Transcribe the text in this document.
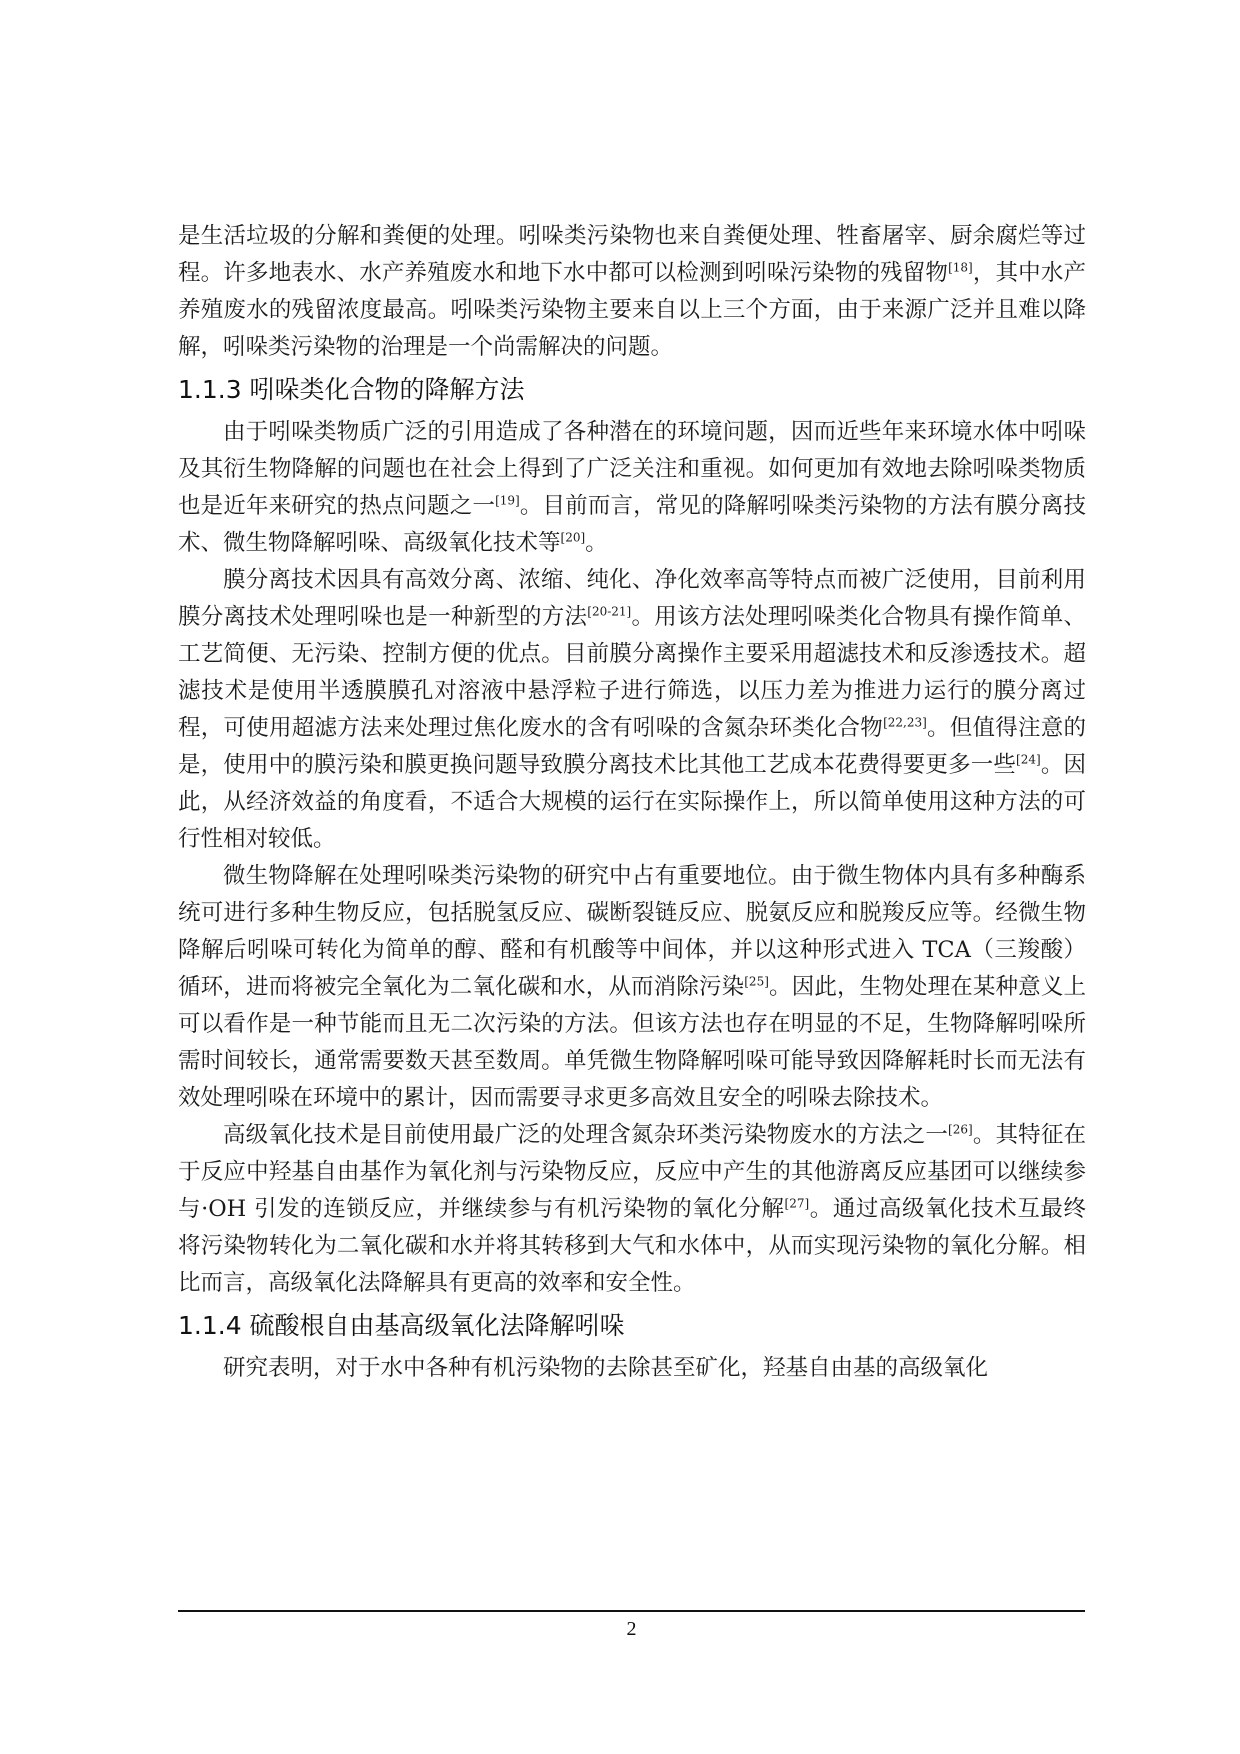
是生活垃圾的分解和粪便的处理。吲哚类污染物也来自粪便处理、牲畜屠宰、厨余腐烂等过程。许多地表水、水产养殖废水和地下水中都可以检测到吲哚污染物的残留物[18]，其中水产养殖废水的残留浓度最高。吲哚类污染物主要来自以上三个方面，由于来源广泛并且难以降解，吲哚类污染物的治理是一个尚需解决的问题。

1.1.3 吲哚类化合物的降解方法

由于吲哚类物质广泛的引用造成了各种潜在的环境问题，因而近些年来环境水体中吲哚及其衍生物降解的问题也在社会上得到了广泛关注和重视。如何更加有效地去除吲哚类物质也是近年来研究的热点问题之一[19]。目前而言，常见的降解吲哚类污染物的方法有膜分离技术、微生物降解吲哚、高级氧化技术等[20]。

膜分离技术因具有高效分离、浓缩、纯化、净化效率高等特点而被广泛使用，目前利用膜分离技术处理吲哚也是一种新型的方法[20-21]。用该方法处理吲哚类化合物具有操作简单、工艺简便、无污染、控制方便的优点。目前膜分离操作主要采用超滤技术和反渗透技术。超滤技术是使用半透膜膜孔对溶液中悬浮粒子进行筛选，以压力差为推进力运行的膜分离过程，可使用超滤方法来处理过焦化废水的含有吲哚的含氮杂环类化合物[22,23]。但值得注意的是，使用中的膜污染和膜更换问题导致膜分离技术比其他工艺成本花费得要更多一些[24]。因此，从经济效益的角度看，不适合大规模的运行在实际操作上，所以简单使用这种方法的可行性相对较低。

微生物降解在处理吲哚类污染物的研究中占有重要地位。由于微生物体内具有多种酶系统可进行多种生物反应，包括脱氢反应、碳断裂链反应、脱氨反应和脱羧反应等。经微生物降解后吲哚可转化为简单的醇、醛和有机酸等中间体，并以这种形式进入 TCA（三羧酸）循环，进而将被完全氧化为二氧化碳和水，从而消除污染[25]。因此，生物处理在某种意义上可以看作是一种节能而且无二次污染的方法。但该方法也存在明显的不足，生物降解吲哚所需时间较长，通常需要数天甚至数周。单凭微生物降解吲哚可能导致因降解耗时长而无法有效处理吲哚在环境中的累计，因而需要寻求更多高效且安全的吲哚去除技术。

高级氧化技术是目前使用最广泛的处理含氮杂环类污染物废水的方法之一[26]。其特征在于反应中羟基自由基作为氧化剂与污染物反应，反应中产生的其他游离反应基团可以继续参与·OH 引发的连锁反应，并继续参与有机污染物的氧化分解[27]。通过高级氧化技术互最终将污染物转化为二氧化碳和水并将其转移到大气和水体中，从而实现污染物的氧化分解。相比而言，高级氧化法降解具有更高的效率和安全性。

1.1.4 硫酸根自由基高级氧化法降解吲哚

研究表明，对于水中各种有机污染物的去除甚至矿化，羟基自由基的高级氧化

2
